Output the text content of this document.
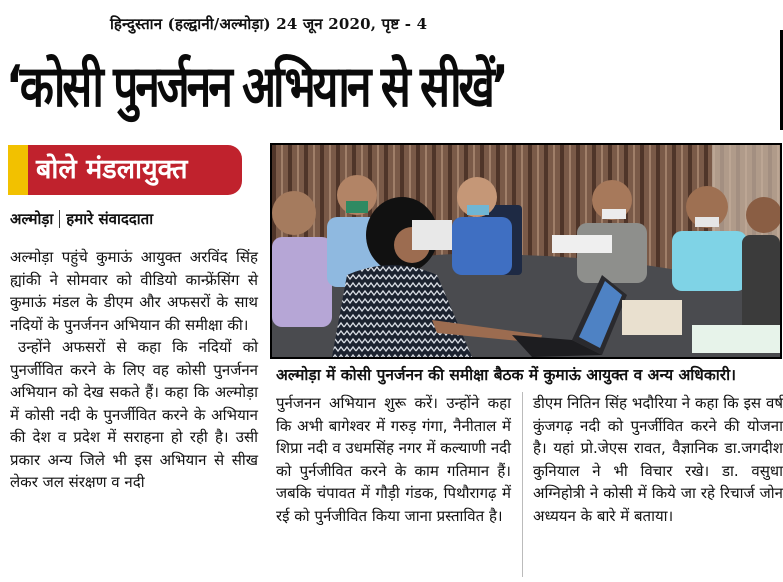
हिन्दुस्तान (हल्द्वानी/अल्मोड़ा) 24 जून 2020, पृष्ट - 4
‘कोसी पुनर्जनन अभियान से सीखें’
बोले मंडलायुक्त
अल्मोड़ा हमारे संवाददाता

अल्मोड़ा पहुंचे कुमाऊं आयुक्त अरविंद सिंह ह्यांकी ने सोमवार को वीडियो कान्फ्रेंसिंग से कुमाऊं मंडल के डीएम और अफसरों के साथ नदियों के पुनर्जनन अभियान की समीक्षा की।

उन्होंने अफसरों से कहा कि नदियों को पुनर्जीवित करने के लिए वह कोसी पुनर्जनन अभियान को देख सकते हैं। कहा कि अल्मोड़ा में कोसी नदी के पुनर्जीवित करने के अभियान की देश व प्रदेश में सराहना हो रही है। उसी प्रकार अन्य जिले भी इस अभियान से सीख लेकर जल संरक्षण व नदी

अल्मोड़ा में कोसी पुनर्जनन की समीक्षा बैठक में कुमाऊं आयुक्त व अन्य अधिकारी।

पुर्नजनन अभियान शुरू करें। उन्होंने कहा कि अभी बागेश्वर में गरुड़ गंगा, नैनीताल में शिप्रा नदी व उधमसिंह नगर में कल्याणी नदी को पुर्नजीवित करने के काम गतिमान हैं। जबकि चंपावत में गौड़ी गंडक, पिथौरागढ़ में रई को पुर्नजीवित किया जाना प्रस्तावित है।

डीएम नितिन सिंह भदौरिया ने कहा कि इस वर्ष कुंजगढ़ नदी को पुनर्जीवित करने की योजना है। यहां प्रो.जेएस रावत, वैज्ञानिक डा.जगदीश कुनियाल ने भी विचार रखे। डा. वसुधा अग्निहोत्री ने कोसी में किये जा रहे रिचार्ज जोन अध्ययन के बारे में बताया।
